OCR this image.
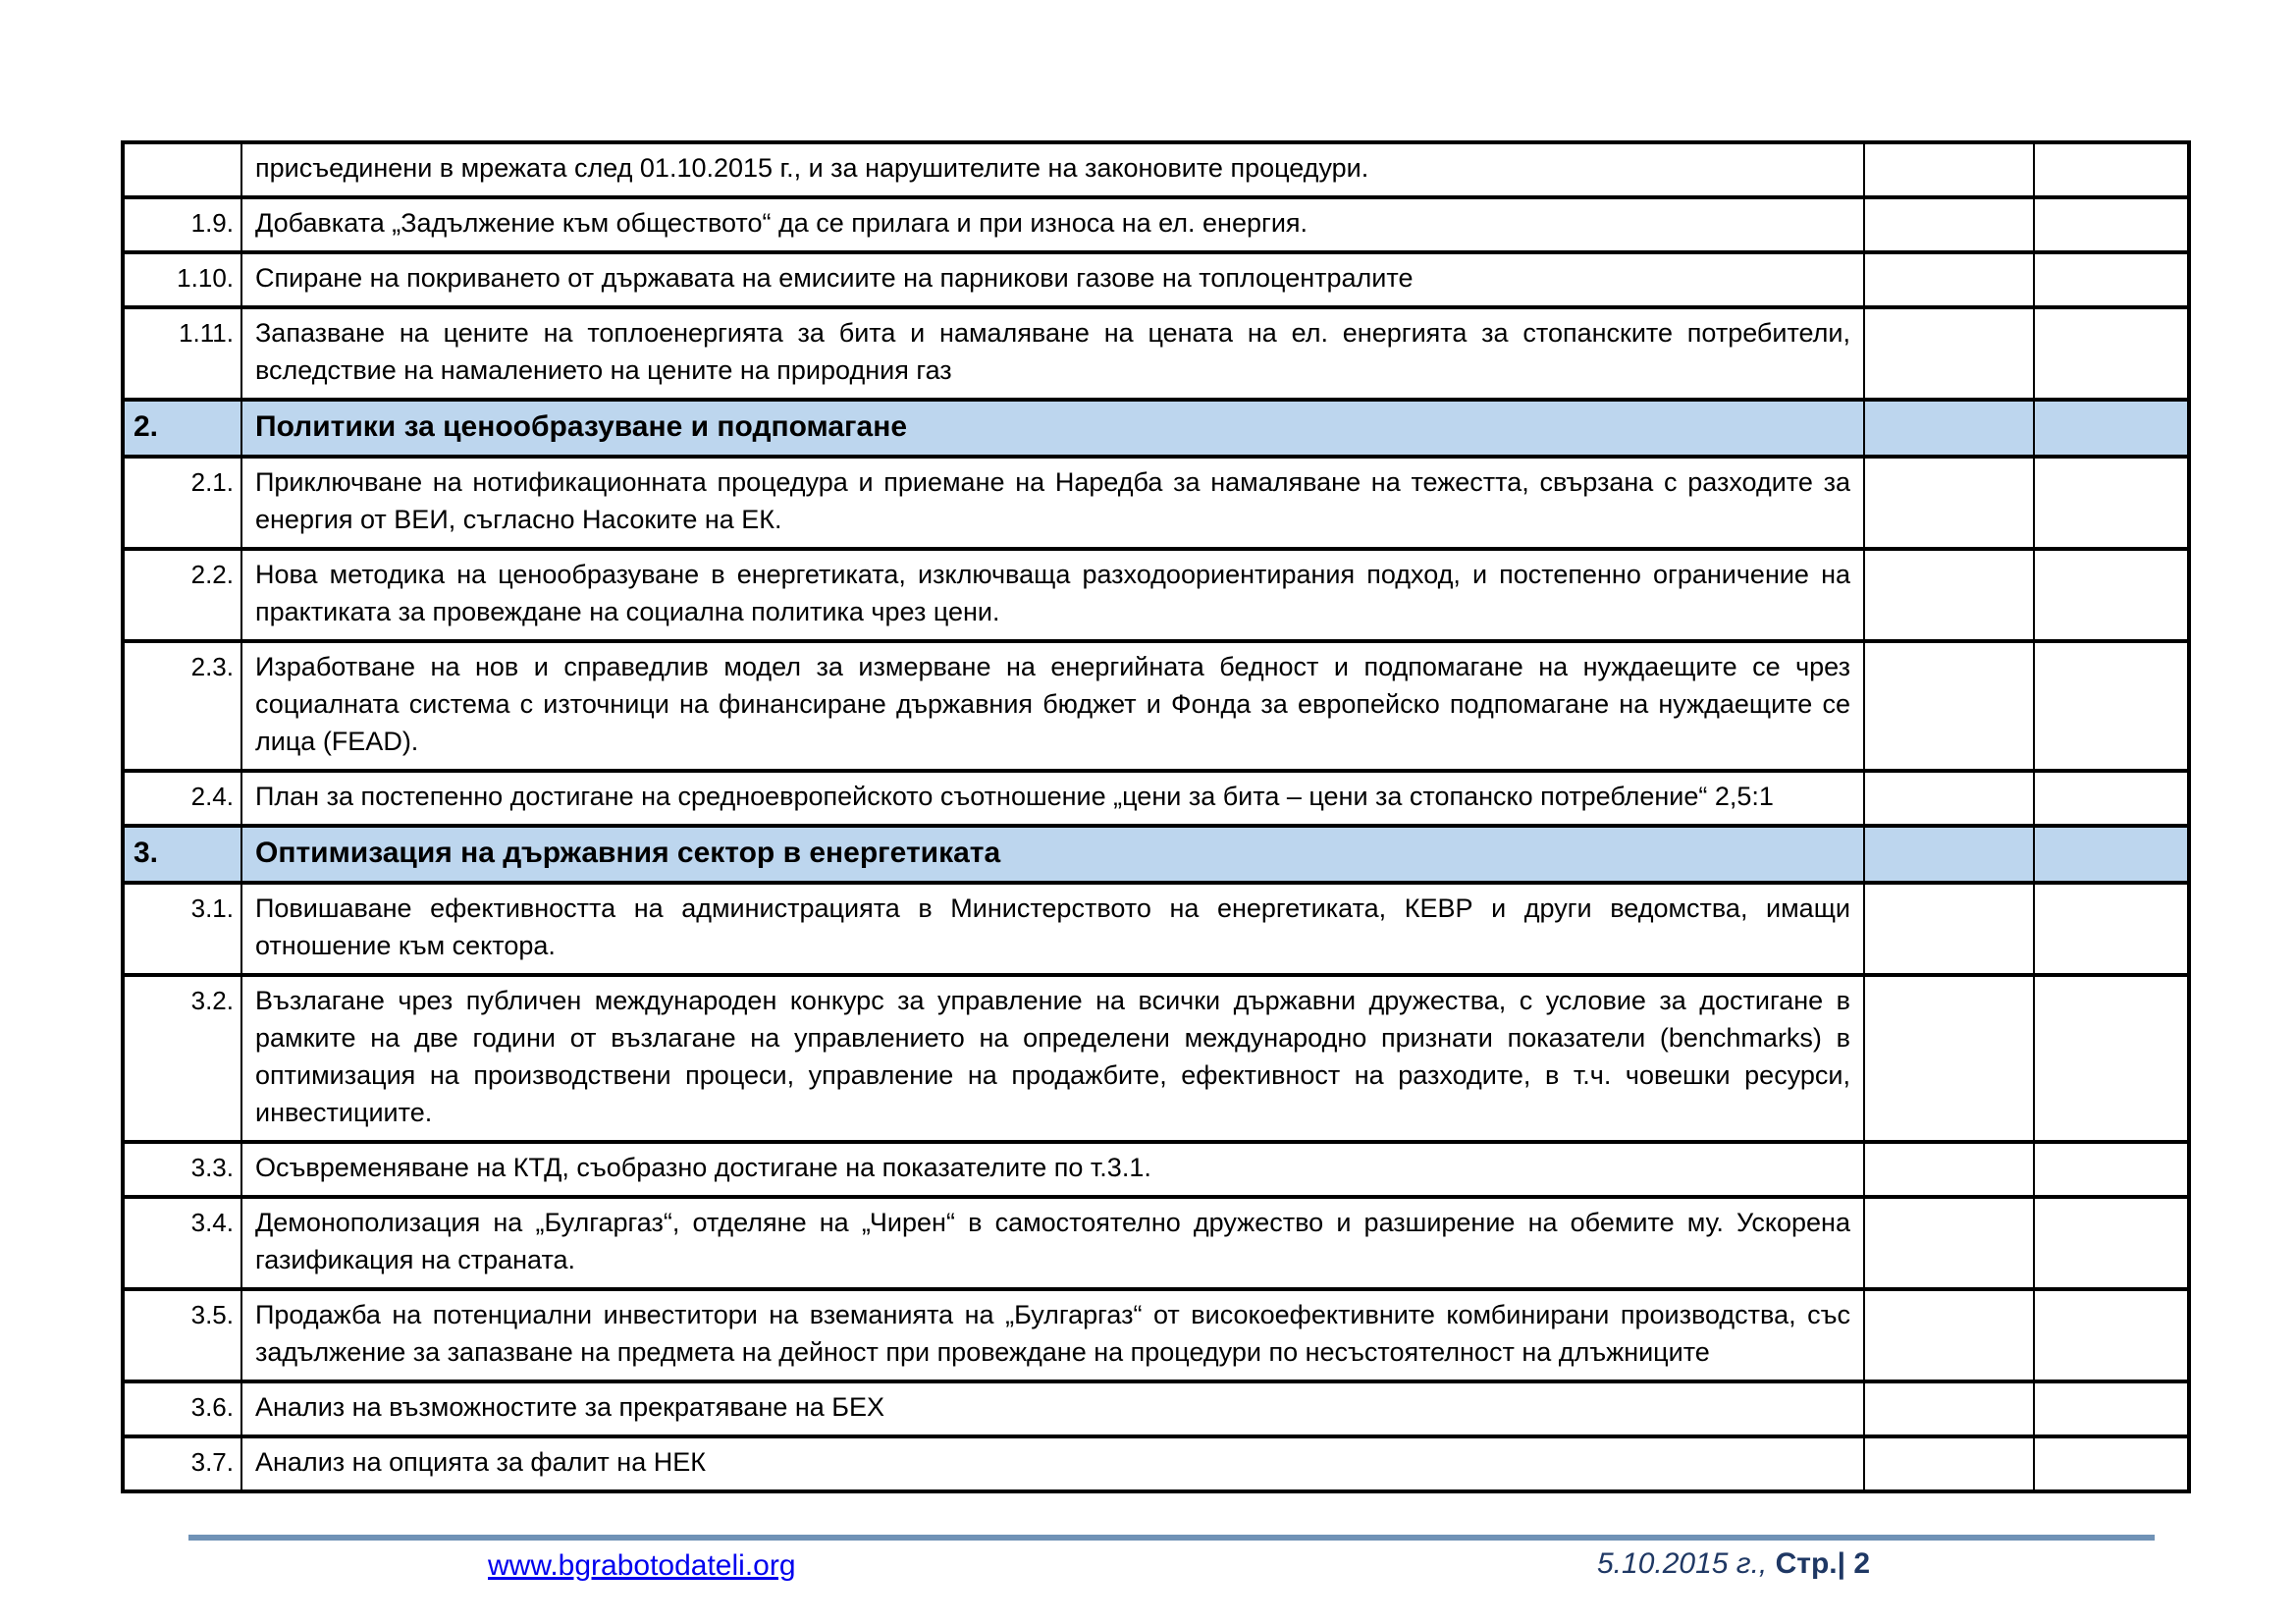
	присъединени в мрежата след 01.10.2015 г., и за нарушителите на законовите процедури.		
1.9.	Добавката „Задължение към обществото“ да се прилага и при износа на ел. енергия.		
1.10.	Спиране на покриването от държавата на емисиите на парникови газове на топлоцентралите		
1.11.	Запазване на цените на топлоенергията за бита и намаляване на цената на ел. енергията за стопанските потребители, вследствие на намалението на цените на природния газ		
2.	Политики за ценообразуване и подпомагане		
2.1.	Приключване на нотификационната процедура и приемане на Наредба за намаляване на тежестта, свързана с разходите за енергия от ВЕИ, съгласно Насоките на ЕК.		
2.2.	Нова методика на ценообразуване в енергетиката, изключваща разходоориентирания подход, и постепенно ограничение на практиката за провеждане на социална политика чрез цени.		
2.3.	Изработване на нов и справедлив модел за измерване на енергийната бедност и подпомагане на нуждаещите се чрез социалната система с източници на финансиране държавния бюджет и Фонда за европейско подпомагане на нуждаещите се лица (FEAD).		
2.4.	План за постепенно достигане на средноевропейското съотношение „цени за бита – цени за стопанско потребление“ 2,5:1		
3.	Оптимизация на държавния сектор в енергетиката		
3.1.	Повишаване ефективността на администрацията в Министерството на енергетиката, КЕВР и други ведомства, имащи отношение към сектора.		
3.2.	Възлагане чрез публичен международен конкурс за управление на всички държавни дружества, с условие за достигане в рамките на две години от възлагане на управлението на определени международно признати показатели (benchmarks) в оптимизация на производствени процеси, управление на продажбите, ефективност на разходите, в т.ч. човешки ресурси, инвестициите.		
3.3.	Осъвременяване на КТД, съобразно достигане на показателите по т.3.1.		
3.4.	Демонополизация на „Булгаргаз“, отделяне на „Чирен“ в самостоятелно дружество и разширение на обемите му. Ускорена газификация на страната.		
3.5.	Продажба на потенциални инвеститори на вземанията на „Булгаргаз“ от високоефективните комбинирани производства, със задължение за запазване на предмета на дейност при провеждане на процедури по несъстоятелност на длъжниците		
3.6.	Анализ на възможностите за прекратяване на БЕХ		
3.7.	Анализ на опцията за фалит на НЕК		
www.bgrabotodateli.org	5.10.2015 г., Стр.| 2
